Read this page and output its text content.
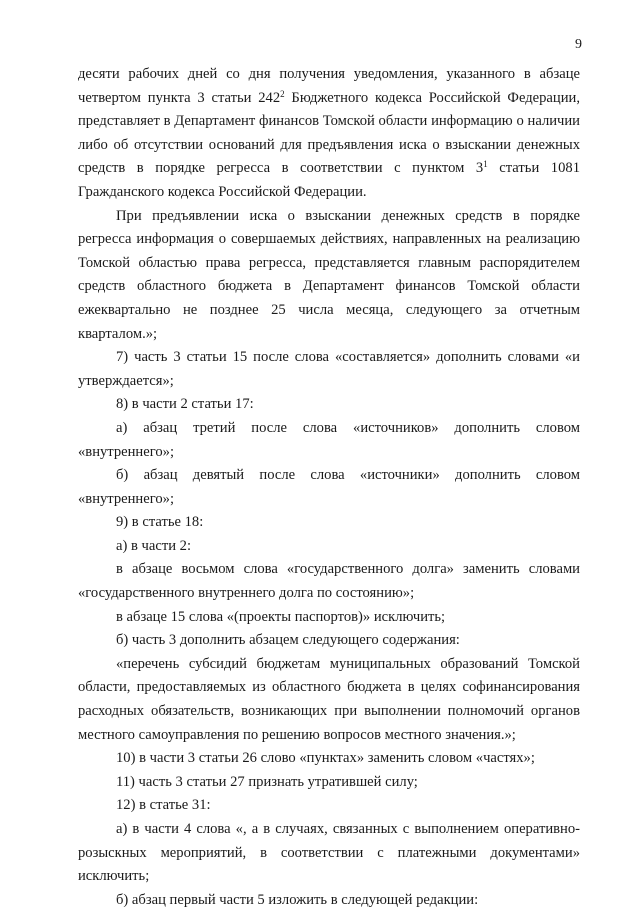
9

десяти рабочих дней со дня получения уведомления, указанного в абзаце четвертом пункта 3 статьи $242^2$ Бюджетного кодекса Российской Федерации, представляет в Департамент финансов Томской области информацию о наличии либо об отсутствии оснований для предъявления иска о взыскании денежных средств в порядке регресса в соответствии с пунктом $3^1$ статьи 1081 Гражданского кодекса Российской Федерации.

При предъявлении иска о взыскании денежных средств в порядке регресса информация о совершаемых действиях, направленных на реализацию Томской областью права регресса, представляется главным распорядителем средств областного бюджета в Департамент финансов Томской области ежеквартально не позднее 25 числа месяца, следующего за отчетным кварталом.»;

7) часть 3 статьи 15 после слова «составляется» дополнить словами «и утверждается»;

8) в части 2 статьи 17:

а) абзац третий после слова «источников» дополнить словом «внутреннего»;

б) абзац девятый после слова «источники» дополнить словом «внутреннего»;

9) в статье 18:

а) в части 2:

в абзаце восьмом слова «государственного долга» заменить словами «государственного внутреннего долга по состоянию»;

в абзаце 15 слова «(проекты паспортов)» исключить;

б) часть 3 дополнить абзацем следующего содержания:

«перечень субсидий бюджетам муниципальных образований Томской области, предоставляемых из областного бюджета в целях софинансирования расходных обязательств, возникающих при выполнении полномочий органов местного самоуправления по решению вопросов местного значения.»;

10) в части 3 статьи 26 слово «пунктах» заменить словом «частях»;

11) часть 3 статьи 27 признать утратившей силу;

12) в статье 31:

а) в части 4 слова «, а в случаях, связанных с выполнением оперативно-розыскных мероприятий, в соответствии с платежными документами» исключить;

б) абзац первый части 5 изложить в следующей редакции:
